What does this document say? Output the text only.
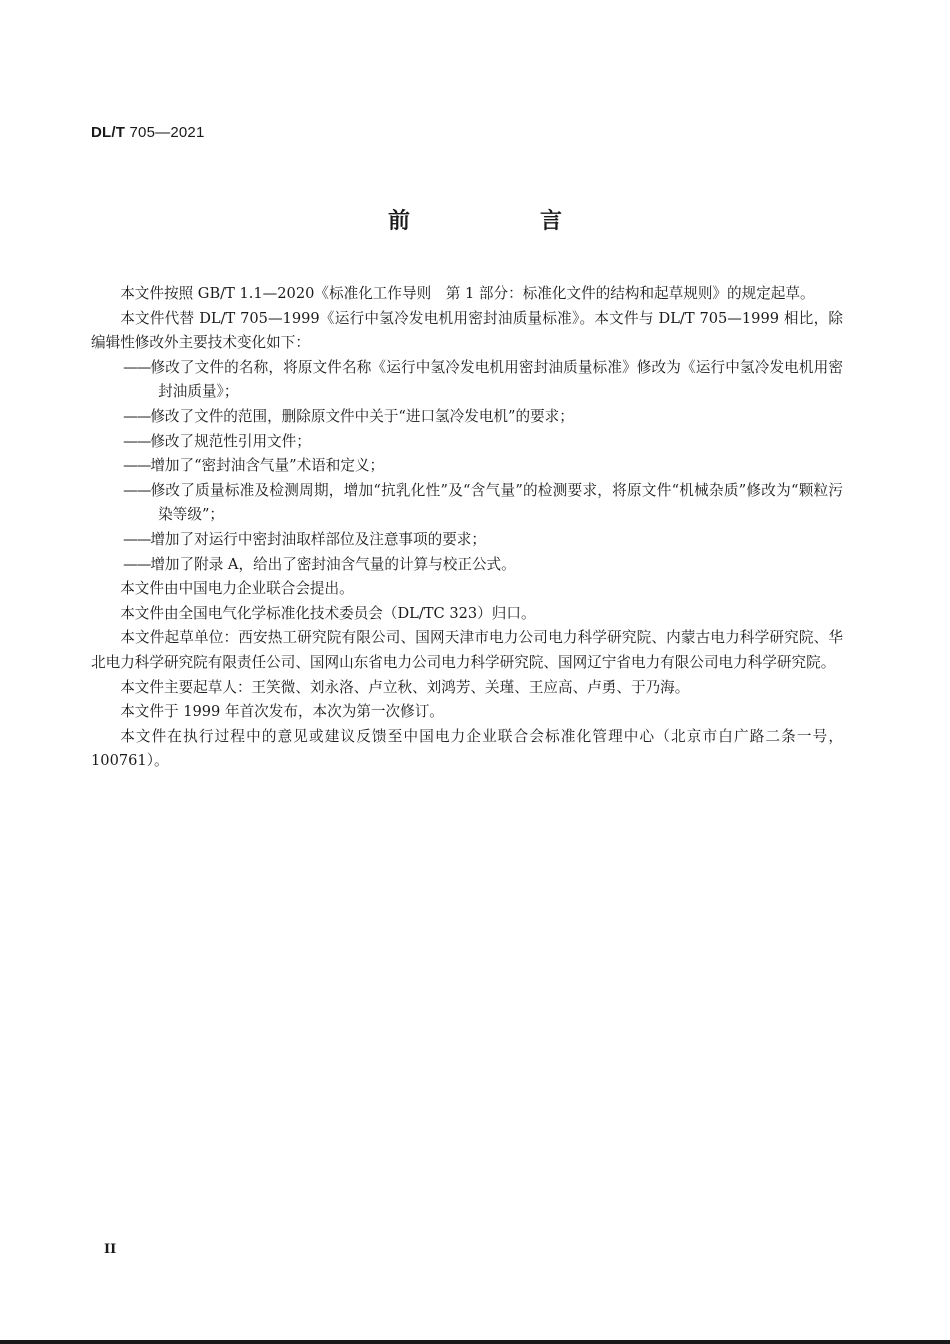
DL/T 705—2021
前　言

本文件按照 GB/T 1.1—2020《标准化工作导则　第 1 部分：标准化文件的结构和起草规则》的规定起草。

本文件代替 DL/T 705—1999《运行中氢冷发电机用密封油质量标准》。本文件与 DL/T 705—1999 相比，除编辑性修改外主要技术变化如下：

——修改了文件的名称，将原文件名称《运行中氢冷发电机用密封油质量标准》修改为《运行中氢冷发电机用密封油质量》；

——修改了文件的范围，删除原文件中关于“进口氢冷发电机”的要求；

——修改了规范性引用文件；

——增加了“密封油含气量”术语和定义；

——修改了质量标准及检测周期，增加“抗乳化性”及“含气量”的检测要求，将原文件“机械杂质”修改为“颗粒污染等级”；

——增加了对运行中密封油取样部位及注意事项的要求；

——增加了附录 A，给出了密封油含气量的计算与校正公式。

本文件由中国电力企业联合会提出。

本文件由全国电气化学标准化技术委员会（DL/TC 323）归口。

本文件起草单位：西安热工研究院有限公司、国网天津市电力公司电力科学研究院、内蒙古电力科学研究院、华北电力科学研究院有限责任公司、国网山东省电力公司电力科学研究院、国网辽宁省电力有限公司电力科学研究院。

本文件主要起草人：王笑微、刘永洛、卢立秋、刘鸿芳、关瑾、王应高、卢勇、于乃海。

本文件于 1999 年首次发布，本次为第一次修订。

本文件在执行过程中的意见或建议反馈至中国电力企业联合会标准化管理中心（北京市白广路二条一号，100761）。

II
